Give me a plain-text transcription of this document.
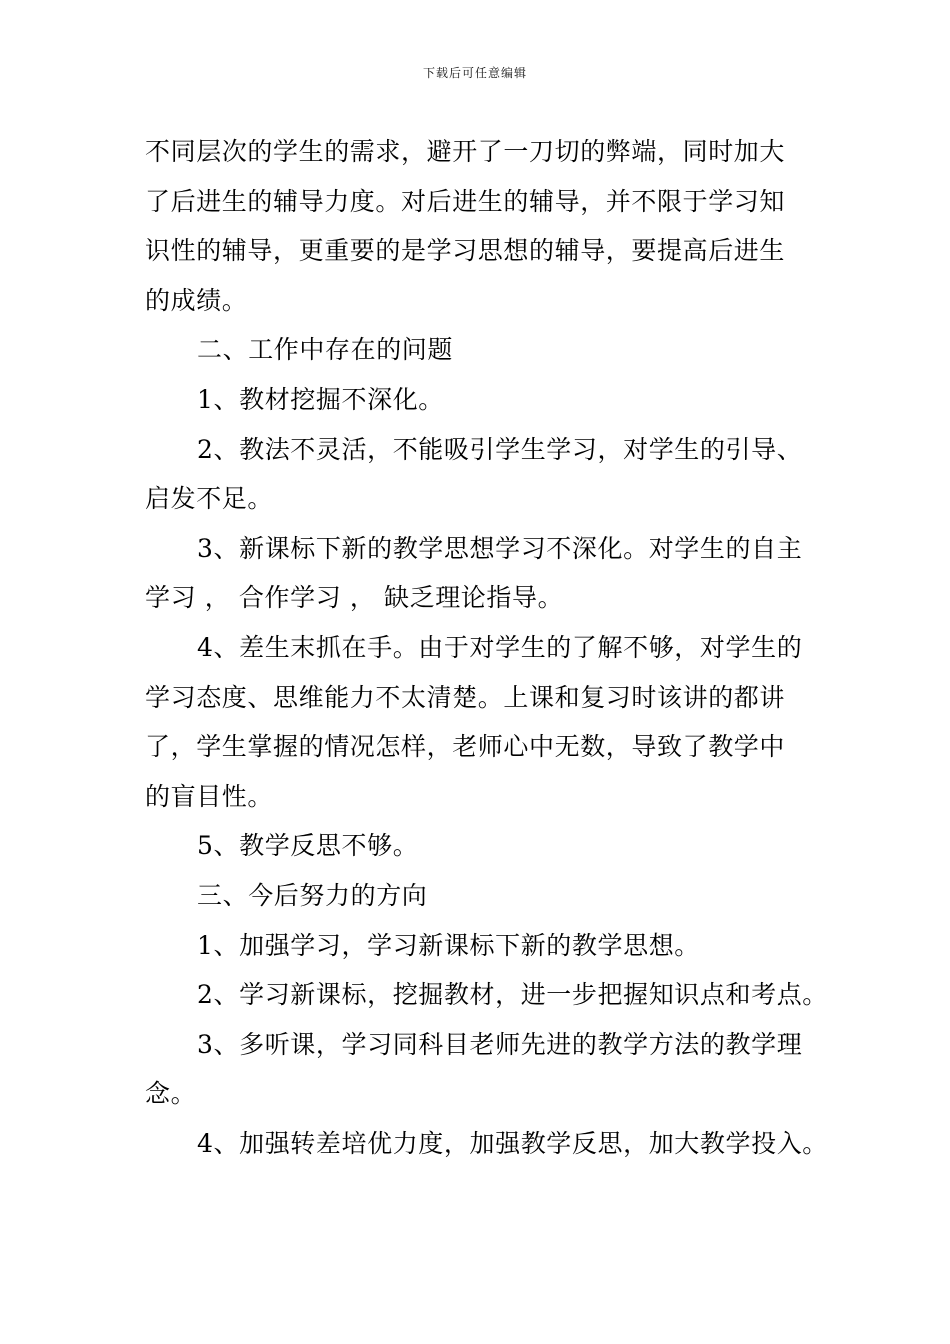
下载后可任意编辑

不同层次的学生的需求，避开了一刀切的弊端，同时加大
了后进生的辅导力度。对后进生的辅导，并不限于学习知
识性的辅导，更重要的是学习思想的辅导，要提高后进生
的成绩。

二、工作中存在的问题

1、教材挖掘不深化。

2、教法不灵活，不能吸引学生学习，对学生的引导、
启发不足。

3、新课标下新的教学思想学习不深化。对学生的自主
学习 ， 合作学习 ， 缺乏理论指导。

4、差生末抓在手。由于对学生的了解不够，对学生的
学习态度、思维能力不太清楚。上课和复习时该讲的都讲
了，学生掌握的情况怎样，老师心中无数，导致了教学中
的盲目性。

5、教学反思不够。

三、今后努力的方向

1、加强学习，学习新课标下新的教学思想。

2、学习新课标，挖掘教材，进一步把握知识点和考点。

3、多听课，学习同科目老师先进的教学方法的教学理
念。

4、加强转差培优力度，加强教学反思，加大教学投入。
